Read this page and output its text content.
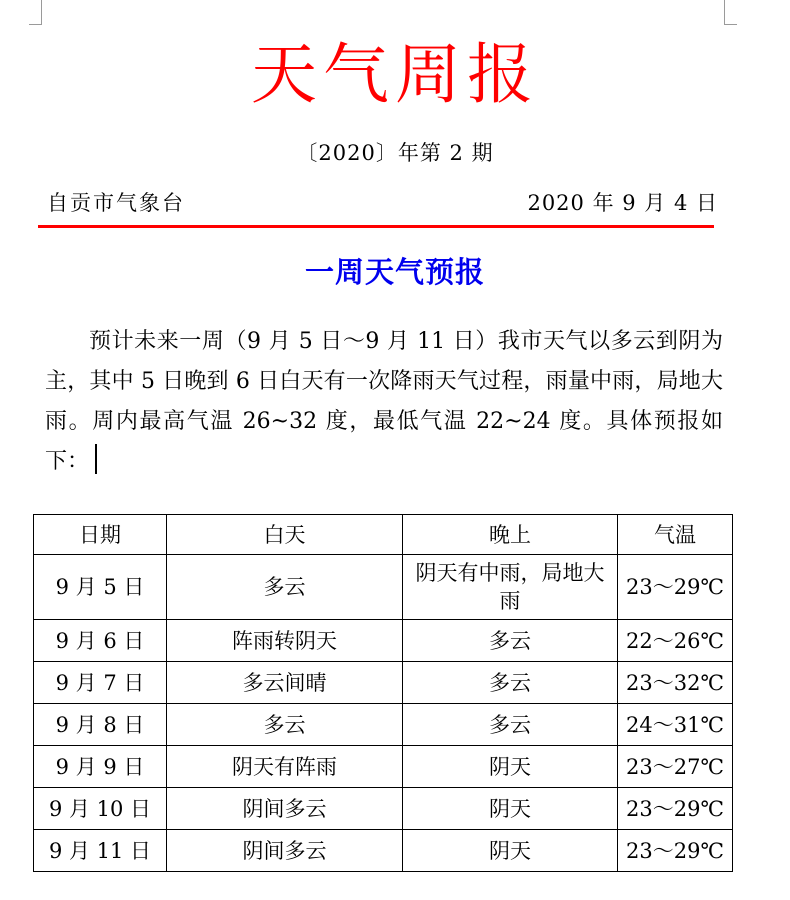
天气周报
〔2020〕年第 2 期
自贡市气象台	2020 年 9 月 4 日
一周天气预报

预计未来一周（9 月 5 日～9 月 11 日）我市天气以多云到阴为主，其中 5 日晚到 6 日白天有一次降雨天气过程，雨量中雨，局地大雨。周内最高气温 26~32 度，最低气温 22~24 度。具体预报如下：

日期	白天	晚上	气温
9 月 5 日	多云	阴天有中雨，局地大雨	23～29℃
9 月 6 日	阵雨转阴天	多云	22～26℃
9 月 7 日	多云间晴	多云	23～32℃
9 月 8 日	多云	多云	24～31℃
9 月 9 日	阴天有阵雨	阴天	23～27℃
9 月 10 日	阴间多云	阴天	23～29℃
9 月 11 日	阴间多云	阴天	23～29℃
